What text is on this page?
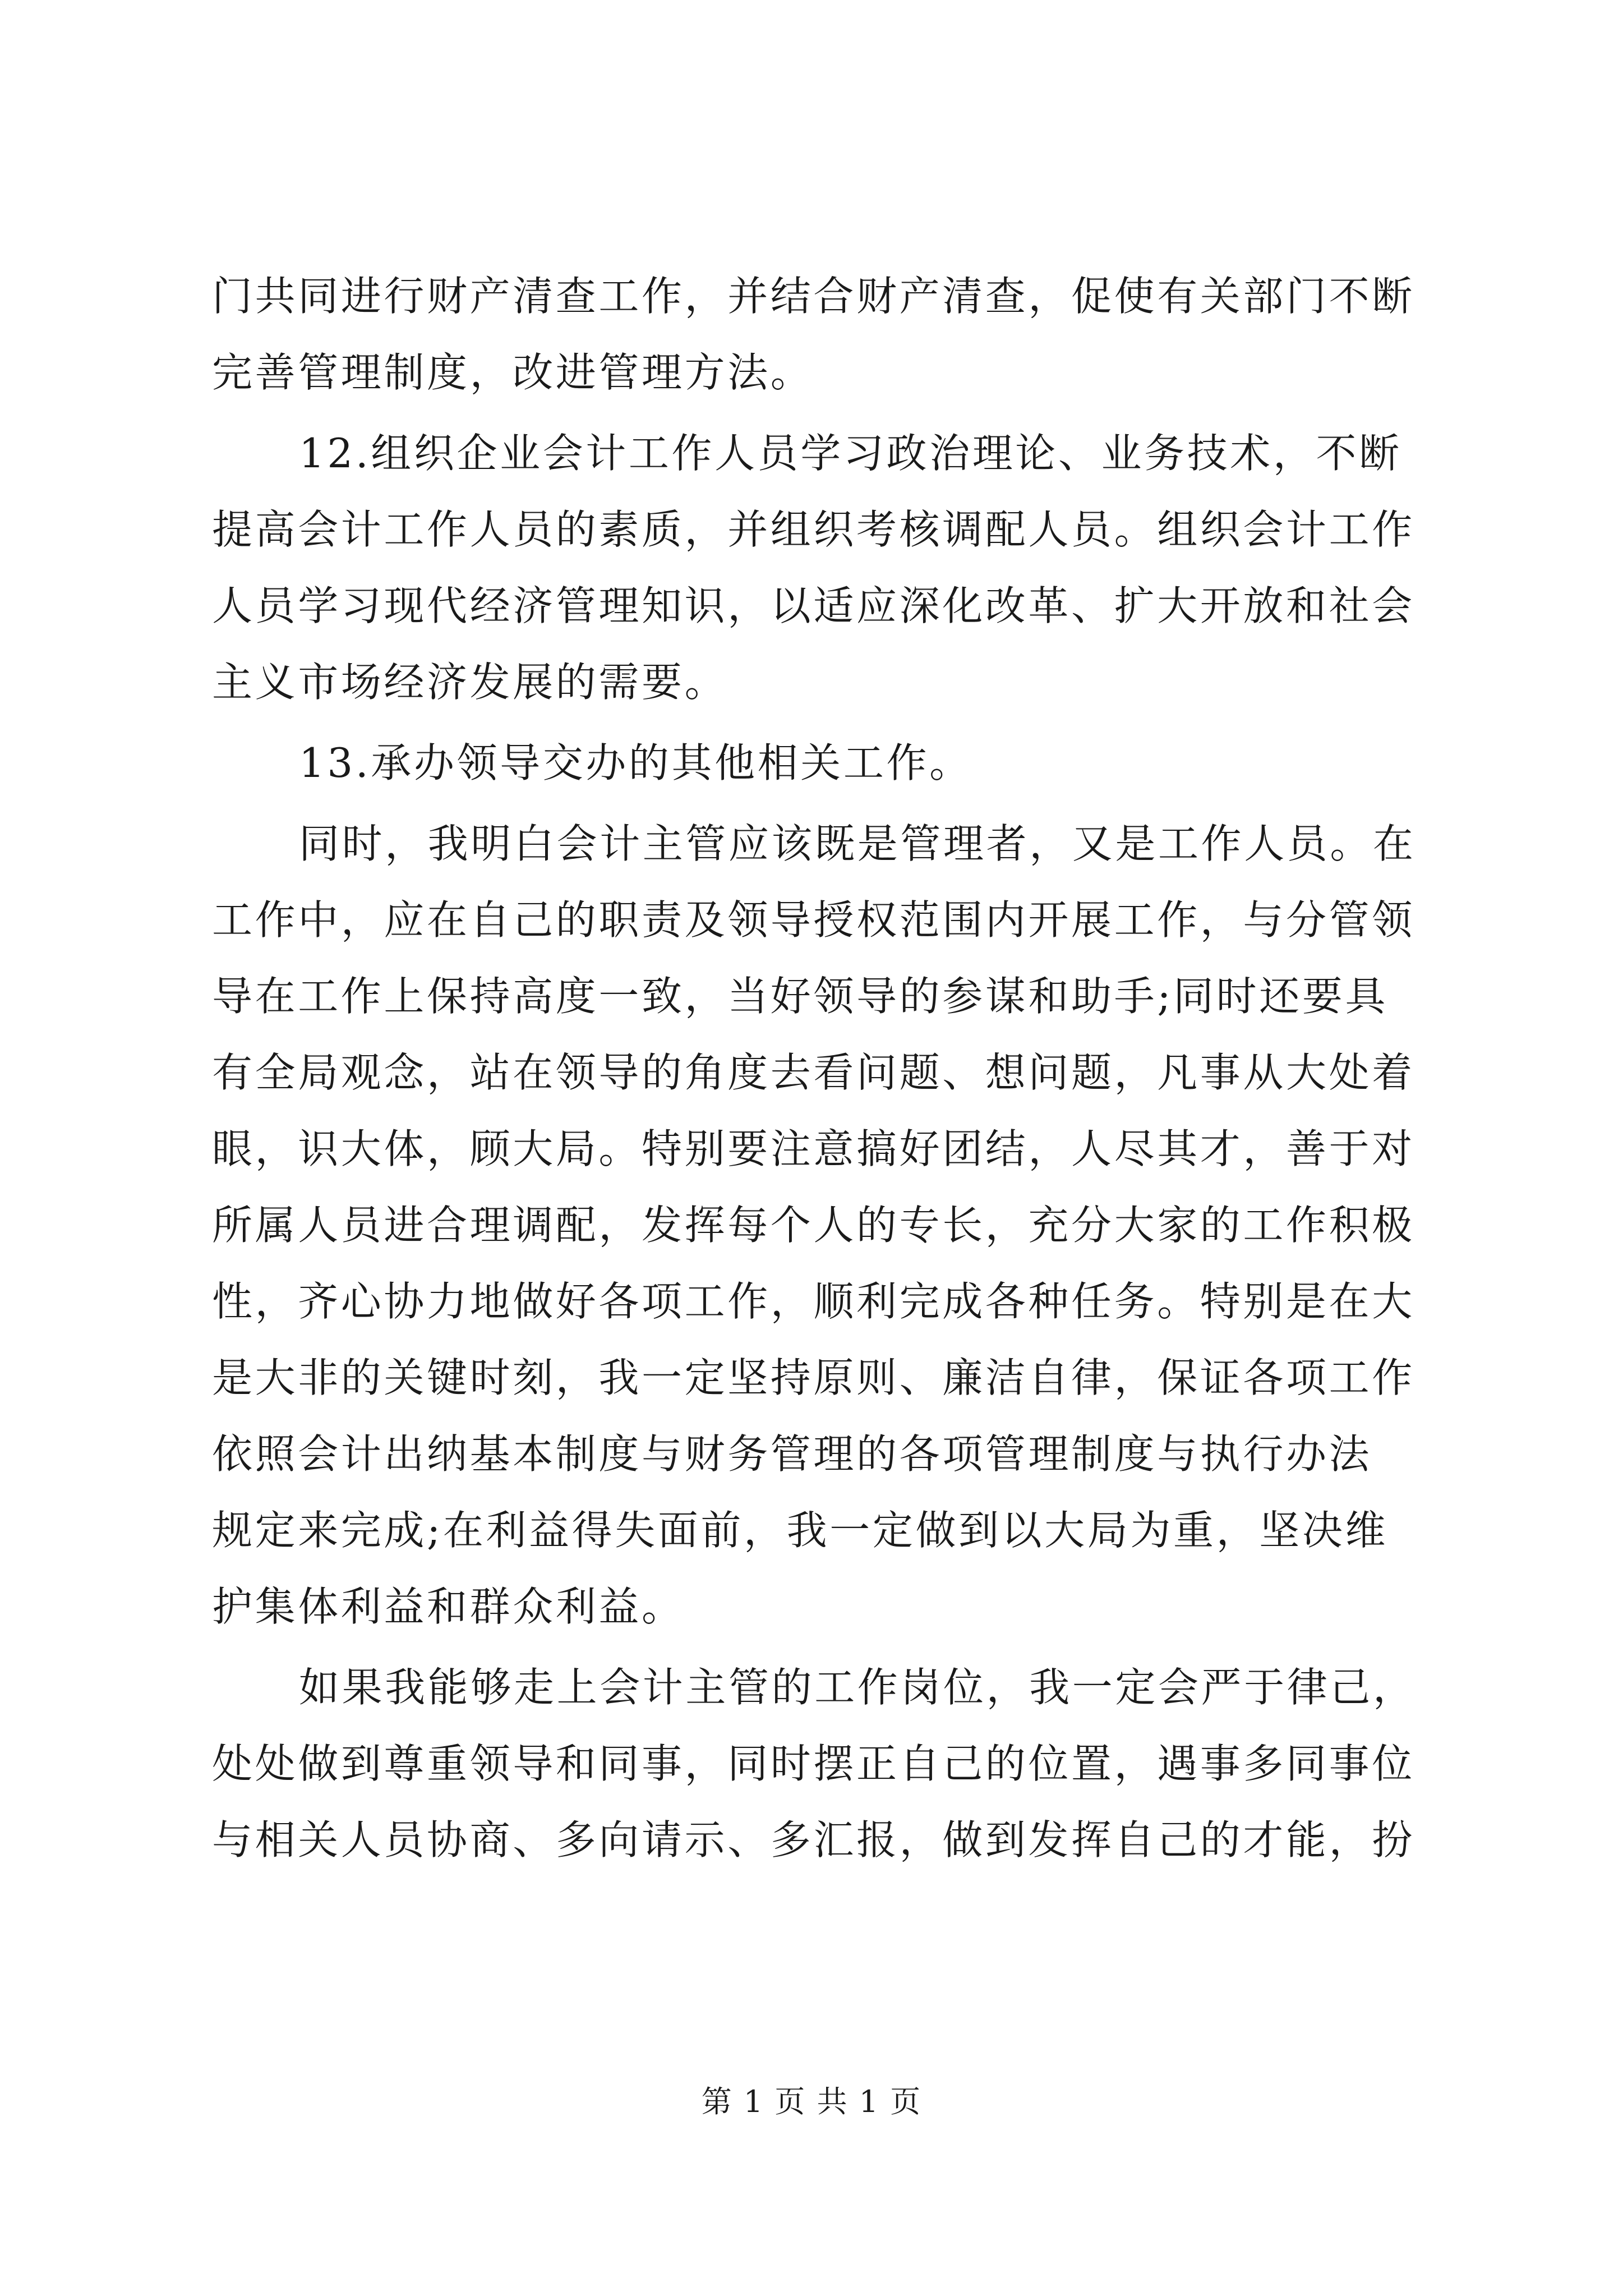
门共同进行财产清查工作，并结合财产清查，促使有关部门不断
完善管理制度，改进管理方法。
12.组织企业会计工作人员学习政治理论、业务技术，不断
提高会计工作人员的素质，并组织考核调配人员。组织会计工作
人员学习现代经济管理知识，以适应深化改革、扩大开放和社会
主义市场经济发展的需要。
13.承办领导交办的其他相关工作。
同时，我明白会计主管应该既是管理者，又是工作人员。在
工作中，应在自己的职责及领导授权范围内开展工作，与分管领
导在工作上保持高度一致，当好领导的参谋和助手;同时还要具
有全局观念，站在领导的角度去看问题、想问题，凡事从大处着
眼，识大体，顾大局。特别要注意搞好团结，人尽其才，善于对
所属人员进合理调配，发挥每个人的专长，充分大家的工作积极
性，齐心协力地做好各项工作，顺利完成各种任务。特别是在大
是大非的关键时刻，我一定坚持原则、廉洁自律，保证各项工作
依照会计出纳基本制度与财务管理的各项管理制度与执行办法
规定来完成;在利益得失面前，我一定做到以大局为重，坚决维
护集体利益和群众利益。
如果我能够走上会计主管的工作岗位，我一定会严于律己，
处处做到尊重领导和同事，同时摆正自己的位置，遇事多同事位
与相关人员协商、多向请示、多汇报，做到发挥自己的才能，扮
第 1 页 共 1 页
